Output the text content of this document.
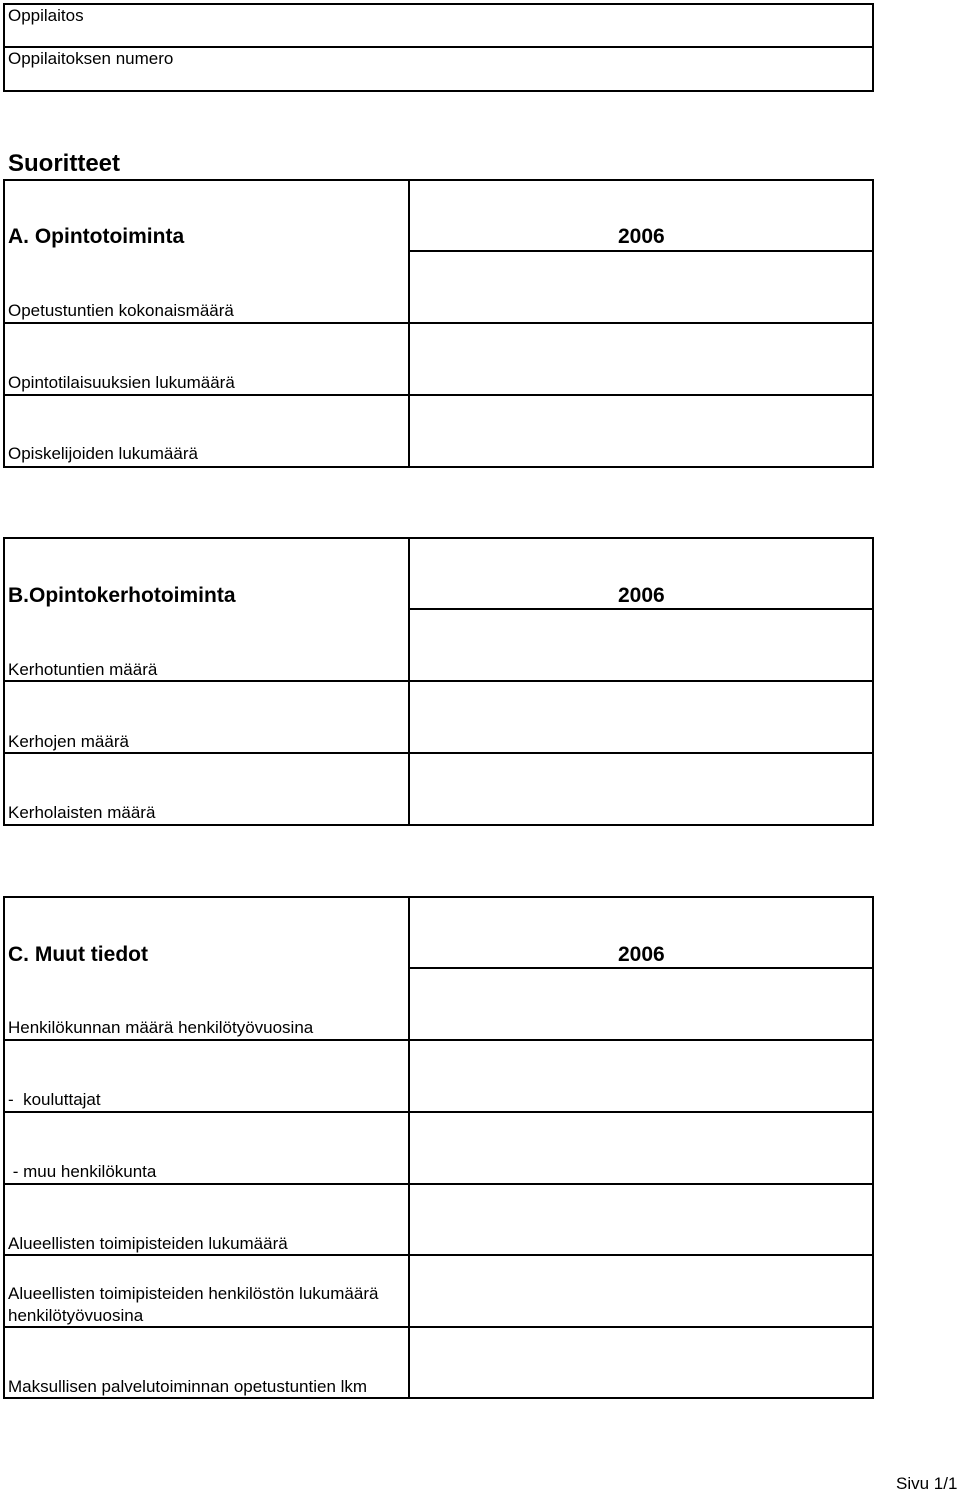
Oppilaitos
Oppilaitoksen numero
Suoritteet
A. Opintotoiminta	2006
Opetustuntien kokonaismäärä
Opintotilaisuuksien lukumäärä
Opiskelijoiden lukumäärä
B.Opintokerhotoiminta	2006
Kerhotuntien määrä
Kerhojen määrä
Kerholaisten määrä
C. Muut tiedot	2006
Henkilökunnan määrä henkilötyövuosina
-  kouluttajat
- muu henkilökunta
Alueellisten toimipisteiden lukumäärä
Alueellisten toimipisteiden henkilöstön lukumäärä
henkilötyövuosina
Maksullisen palvelutoiminnan opetustuntien lkm
Sivu 1/1
